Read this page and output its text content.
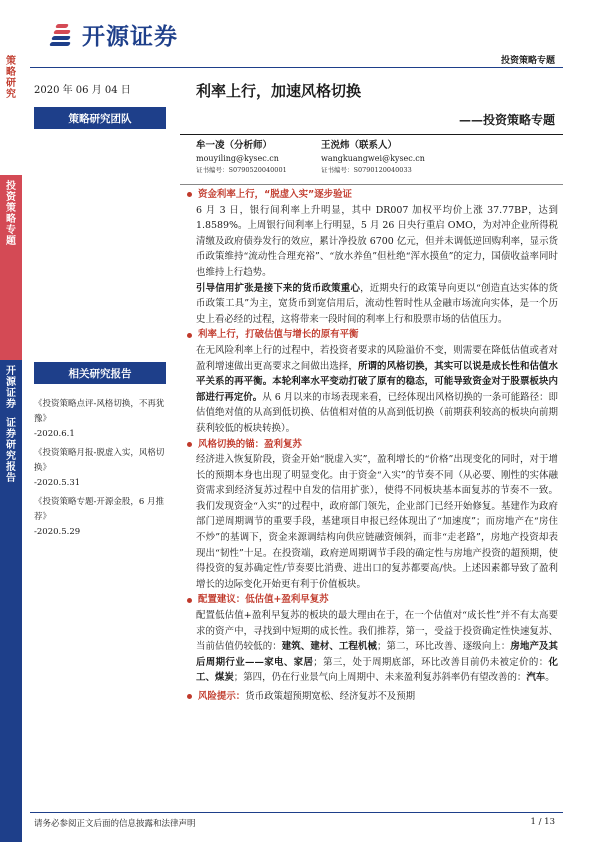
策
略
研
究
投
资
策
略
专
题
开
源
证
券
证
券
研
究
报
告
开源证券
投资策略专题
2020 年 06 月 04 日
策略研究团队
相关研究报告
《投资策略点评-风格切换，不再犹豫》
-2020.6.1
《投资策略月报-脱虚入实，风格切换》
-2020.5.31
《投资策略专题-开源金股，6 月推荐》
-2020.5.29
利率上行，加速风格切换
——投资策略专题
牟一凌（分析师）
mouyiling@kysec.cn
证书编号：S0790520040001
王涚炜（联系人）
wangkuangwei@kysec.cn
证书编号：S0790120040033
资金利率上行，“脱虚入实”逐步验证

6 月 3 日，银行间利率上升明显，其中 DR007 加权平均价上涨 37.77BP，达到 1.8589%。上周银行间利率上行明显，5 月 26 日央行重启 OMO，为对冲企业所得税清缴及政府债券发行的效应，累计净投放 6700 亿元，但并未调低逆回购利率，显示货币政策维持“流动性合理充裕”、“放水养鱼”但杜绝“浑水摸鱼”的定力，国债收益率同时也维持上行趋势。

引导信用扩张是接下来的货币政策重心，近期央行的政策导向更以“创造直达实体的货币政策工具”为主，宽货币到宽信用后，流动性暂时性从金融市场流向实体，是一个历史上看必经的过程，这将带来一段时间的利率上行和股票市场的估值压力。

利率上行，打破估值与增长的原有平衡

在无风险利率上行的过程中，若投资者要求的风险溢价不变，则需要在降低估值或者对盈利增速做出更高要求之间做出选择，所谓的风格切换，其实可以说是成长性和估值水平关系的再平衡。本轮利率水平变动打破了原有的稳态，可能导致资金对于股票板块内部进行再定价。从 6 月以来的市场表现来看，已经体现出风格切换的一条可能路径：即估值绝对值的从高到低切换、估值相对值的从高到低切换（前期获利较高的板块向前期获利较低的板块转换）。

风格切换的锚：盈利复苏

经济进入恢复阶段，资金开始“脱虚入实”，盈利增长的“价格”出现变化的同时，对于增长的预期本身也出现了明显变化。由于资金“入实”的节奏不同（从必要、刚性的实体融资需求到经济复苏过程中自发的信用扩张），使得不同板块基本面复苏的节奏不一致。我们发现资金“入实”的过程中，政府部门领先，企业部门已经开始修复。基建作为政府部门逆周期调节的重要手段，基建项目申报已经体现出了“加速度”；而房地产在“房住不炒”的基调下，资金来源调结构向供应链融资倾斜，而非“走老路”，房地产投资却表现出“韧性”十足。在投资端，政府逆周期调节手段的确定性与房地产投资的超预期，使得投资的复苏确定性/节奏要比消费、进出口的复苏都要高/快。上述因素都导致了盈利增长的边际变化开始更有利于价值板块。

配置建议：低估值+盈利早复苏

配置低估值+盈利早复苏的板块的最大理由在于，在一个估值对“成长性”并不有太高要求的资产中，寻找到中短期的成长性。我们推荐，第一，受益于投资确定性快速复苏、当前估值仍较低的：建筑、建材、工程机械；第二，环比改善、逐级向上：房地产及其后周期行业——家电、家居；第三，处于周期底部，环比改善目前仍未被定价的：化工、煤炭；第四，仍在行业景气向上周期中、未来盈利复苏斜率仍有望改善的：汽车。

风险提示： 货币政策超预期宽松、经济复苏不及预期
请务必参阅正文后面的信息披露和法律声明	1 / 13
